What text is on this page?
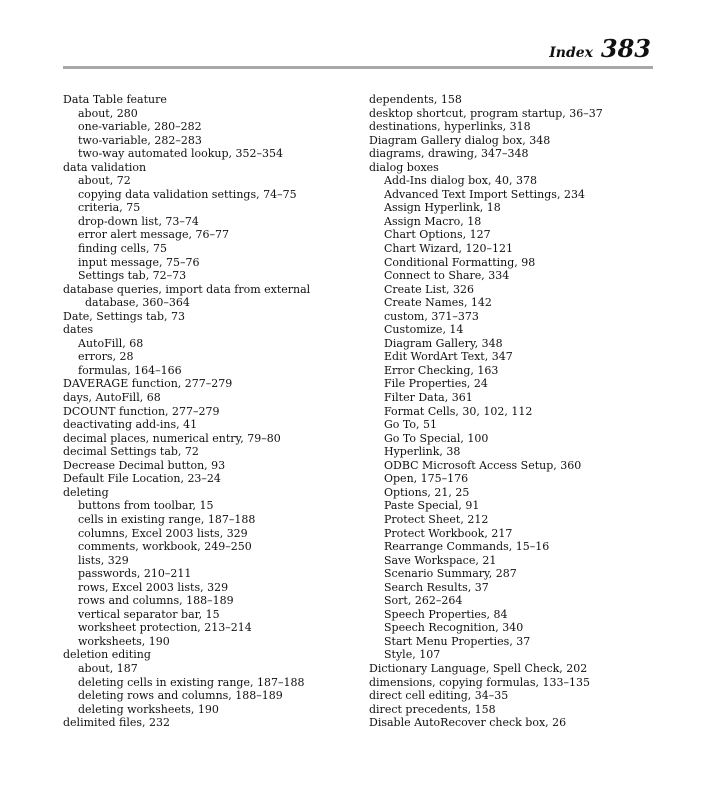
Index 383
Data Table feature
about, 280
one-variable, 280–282
two-variable, 282–283
two-way automated lookup, 352–354
data validation
about, 72
copying data validation settings, 74–75
criteria, 75
drop-down list, 73–74
error alert message, 76–77
finding cells, 75
input message, 75–76
Settings tab, 72–73
database queries, import data from external
database, 360–364
Date, Settings tab, 73
dates
AutoFill, 68
errors, 28
formulas, 164–166
DAVERAGE function, 277–279
days, AutoFill, 68
DCOUNT function, 277–279
deactivating add-ins, 41
decimal places, numerical entry, 79–80
decimal Settings tab, 72
Decrease Decimal button, 93
Default File Location, 23–24
deleting
buttons from toolbar, 15
cells in existing range, 187–188
columns, Excel 2003 lists, 329
comments, workbook, 249–250
lists, 329
passwords, 210–211
rows, Excel 2003 lists, 329
rows and columns, 188–189
vertical separator bar, 15
worksheet protection, 213–214
worksheets, 190
deletion editing
about, 187
deleting cells in existing range, 187–188
deleting rows and columns, 188–189
deleting worksheets, 190
delimited files, 232
dependents, 158
desktop shortcut, program startup, 36–37
destinations, hyperlinks, 318
Diagram Gallery dialog box, 348
diagrams, drawing, 347–348
dialog boxes
Add-Ins dialog box, 40, 378
Advanced Text Import Settings, 234
Assign Hyperlink, 18
Assign Macro, 18
Chart Options, 127
Chart Wizard, 120–121
Conditional Formatting, 98
Connect to Share, 334
Create List, 326
Create Names, 142
custom, 371–373
Customize, 14
Diagram Gallery, 348
Edit WordArt Text, 347
Error Checking, 163
File Properties, 24
Filter Data, 361
Format Cells, 30, 102, 112
Go To, 51
Go To Special, 100
Hyperlink, 38
ODBC Microsoft Access Setup, 360
Open, 175–176
Options, 21, 25
Paste Special, 91
Protect Sheet, 212
Protect Workbook, 217
Rearrange Commands, 15–16
Save Workspace, 21
Scenario Summary, 287
Search Results, 37
Sort, 262–264
Speech Properties, 84
Speech Recognition, 340
Start Menu Properties, 37
Style, 107
Dictionary Language, Spell Check, 202
dimensions, copying formulas, 133–135
direct cell editing, 34–35
direct precedents, 158
Disable AutoRecover check box, 26
